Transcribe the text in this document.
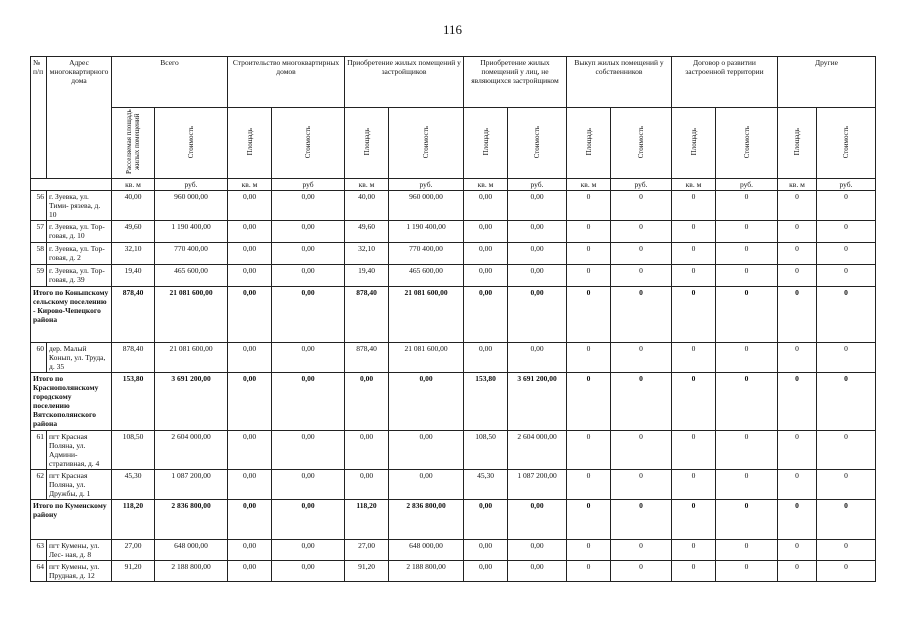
116
№ п/п	Адрес многоквартирного дома	Всего		Строительство многоквартирных домов		Приобретение жилых помещений у застройщиков		Приобретение жилых помещений у лиц, не являющихся застройщиком		Выкуп жилых помещений у собственников		Договор о развитии застроенной территории		Другие	

		Расселяемая площадь жилых помещений	Стоимость	Площадь	Стоимость	Площадь	Стоимость	Площадь	Стоимость	Площадь	Стоимость	Площадь	Стоимость	Площадь	Стоимость

		кв. м	руб.	кв. м	руб	кв. м	руб.	кв. м	руб.	кв. м	руб.	кв. м	руб.	кв. м	руб.
56	г. Зуевка, ул. Тими- рязева, д. 10	40,00	960 000,00	0,00	0,00	40,00	960 000,00	0,00	0,00	0	0	0	0	0	0
57	г. Зуевка, ул. Тор- говая, д. 10	49,60	1 190 400,00	0,00	0,00	49,60	1 190 400,00	0,00	0,00	0	0	0	0	0	0
58	г. Зуевка, ул. Тор- говая, д. 2	32,10	770 400,00	0,00	0,00	32,10	770 400,00	0,00	0,00	0	0	0	0	0	0
59	г. Зуевка, ул. Тор- говая, д. 39	19,40	465 600,00	0,00	0,00	19,40	465 600,00	0,00	0,00	0	0	0	0	0	0
Итого по Коныпскому сельскому поселению - Кирово-Чепецкого района		878,40	21 081 600,00	0,00	0,00	878,40	21 081 600,00	0,00	0,00	0	0	0	0	0	0
60	дер. Малый Конып, ул. Труда, д. 35	878,40	21 081 600,00	0,00	0,00	878,40	21 081 600,00	0,00	0,00	0	0	0	0	0	0
Итого по Краснополянскому городскому поселению Вятскополянского района		153,80	3 691 200,00	0,00	0,00	0,00	0,00	153,80	3 691 200,00	0	0	0	0	0	0
61	пгт Красная Поляна, ул. Админи- стративная, д. 4	108,50	2 604 000,00	0,00	0,00	0,00	0,00	108,50	2 604 000,00	0	0	0	0	0	0
62	пгт Красная Поляна, ул. Дружбы, д. 1	45,30	1 087 200,00	0,00	0,00	0,00	0,00	45,30	1 087 200,00	0	0	0	0	0	0
Итого по Куменскому району		118,20	2 836 800,00	0,00	0,00	118,20	2 836 800,00	0,00	0,00	0	0	0	0	0	0
63	пгт Кумены, ул. Лес- ная, д. 8	27,00	648 000,00	0,00	0,00	27,00	648 000,00	0,00	0,00	0	0	0	0	0	0
64	пгт Кумены, ул. Прудная, д. 12	91,20	2 188 800,00	0,00	0,00	91,20	2 188 800,00	0,00	0,00	0	0	0	0	0	0
